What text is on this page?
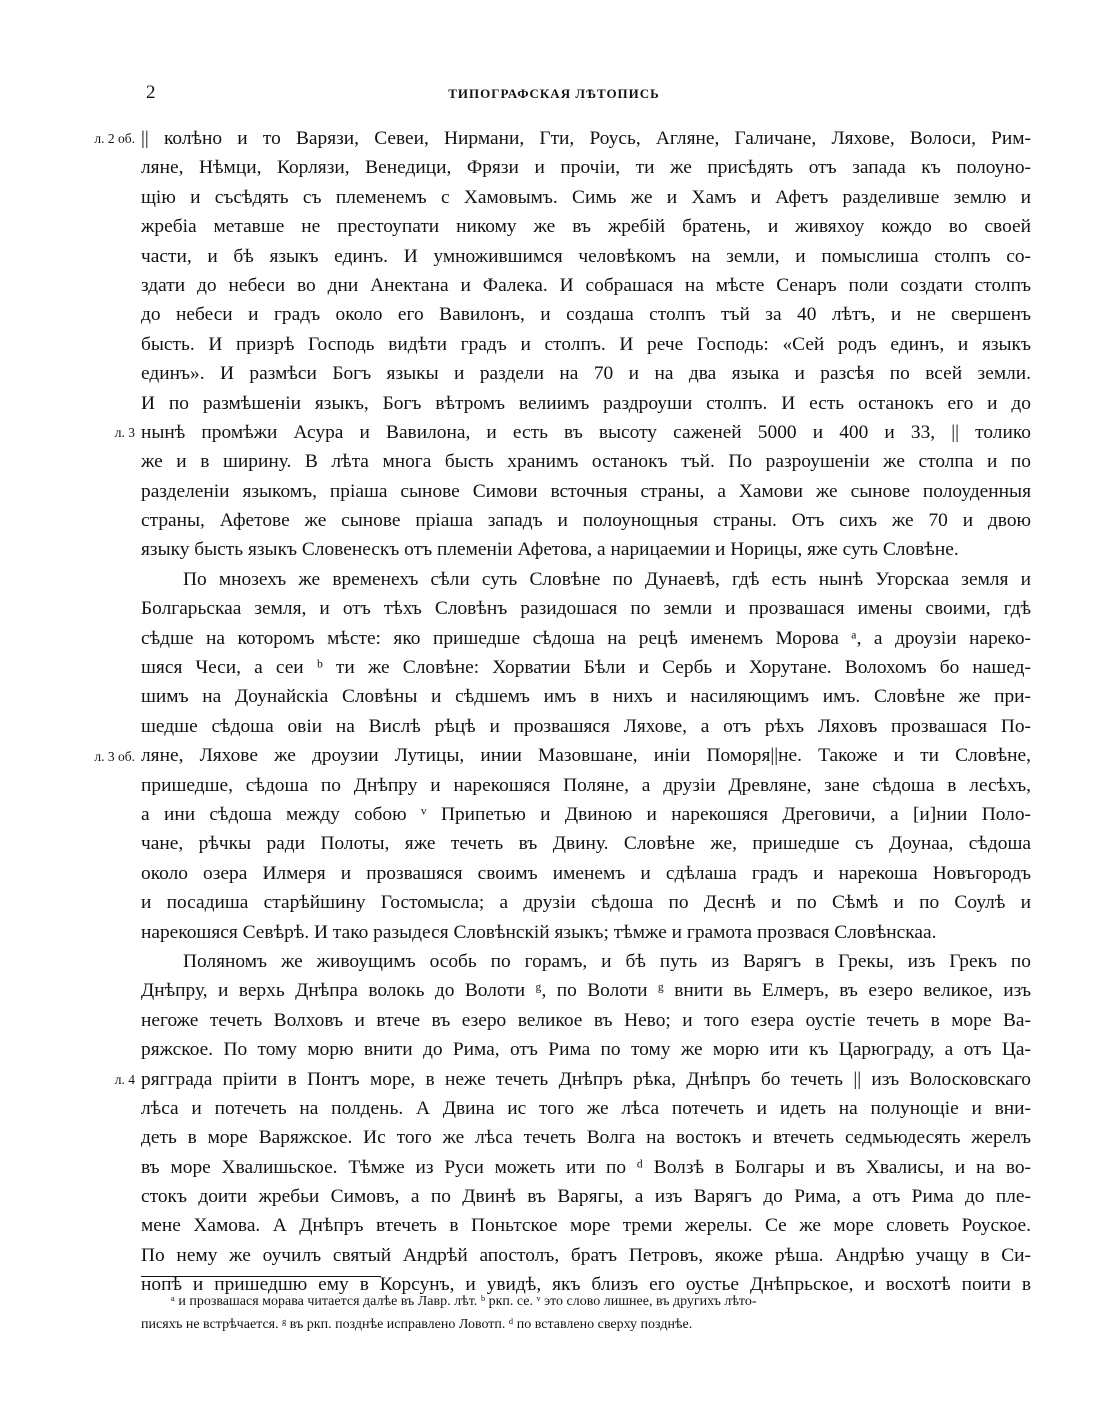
2	ТИПОГРАФСКАЯ ЛѢТОПИСЬ
л. 2 об.
л. 3
л. 3 об.
л. 4
|| колѣно и то Варязи, Севеи, Нирмани, Гти, Роусь, Агляне, Галичане, Ляхове, Волоси, Рим-
ляне, Нѣмци, Корлязи, Венедици, Фрязи и прочіи, ти же присѣдять отъ запада къ полоуно-
щію и съсѣдять съ племенемъ с Хамовымъ. Симь же и Хамъ и Афетъ разделивше землю и
жребіа метавше не престоупати никому же въ жребій братень, и живяхоу кождо во своей
части, и бѣ языкъ единъ. И умножившимся человѣкомъ на земли, и помыслиша столпъ со-
здати до небеси во дни Анектана и Фалека. И собрашася на мѣсте Сенаръ поли создати столпъ
до небеси и градъ около его Вавилонъ, и создаша столпъ тъй за 40 лѣтъ, и не свершенъ
бысть. И призрѣ Господь видѣти градъ и столпъ. И рече Господь: «Сей родъ единъ, и языкъ
единъ». И размѣси Богъ языкы и раздели на 70 и на два языка и разсѣя по всей земли.
И по размѣшеніи языкъ, Богъ вѣтромъ велиимъ раздроуши столпъ. И есть останокъ его и до
нынѣ промѣжи Асура и Вавилона, и есть въ высоту саженей 5000 и 400 и 33, || толико
же и в ширину. В лѣта многа бысть хранимъ останокъ тъй. По разроушеніи же столпа и по
разделеніи языкомъ, пріаша сынове Симови всточныя страны, а Хамови же сынове полоуденныя
страны, Афетове же сынове пріаша западъ и полоунощныя страны. Отъ сихъ же 70 и двою
языку бысть языкъ Словенескъ отъ племеніи Афетова, а нарицаемии и Норицы, яже суть Словѣне.
По мнозехъ же временехъ сѣли суть Словѣне по Дунаевѣ, гдѣ есть нынѣ Угорскаа земля и
Болгарьскаа земля, и отъ тѣхъ Словѣнъ разидошася по земли и прозвашася имены своими, гдѣ
сѣдше на которомъ мѣсте: яко пришедше сѣдоша на рецѣ именемъ Морова ᵃ, а дроузіи нареко-
шяся Чеси, а сеи ᵇ ти же Словѣне: Хорватии Бѣли и Сербь и Хорутане. Волохомъ бо нашед-
шимъ на Доунайскіа Словѣны и сѣдшемъ имъ в нихъ и насиляющимъ имъ. Словѣне же при-
шедше сѣдоша овіи на Вислѣ рѣцѣ и прозвашяся Ляхове, а отъ рѣхъ Ляховъ прозвашася По-
ляне, Ляхове же дроузии Лутицы, инии Мазовшане, иніи Поморя||не. Такоже и ти Словѣне,
пришедше, сѣдоша по Днѣпру и нарекошяся Поляне, а друзіи Древляне, зане сѣдоша в лесѣхъ,
а ини сѣдоша между собою ᵛ Припетью и Двиною и нарекошяся Дреговичи, а [и]нии Поло-
чане, рѣчкы ради Полоты, яже течеть въ Двину. Словѣне же, пришедше съ Доунаа, сѣдоша
около озера Илмеря и прозвашяся своимъ именемъ и сдѣлаша градъ и нарекоша Новъгородъ
и посадиша старѣйшину Гостомысла; а друзіи сѣдоша по Деснѣ и по Сѣмѣ и по Соулѣ и
нарекошяся Севѣрѣ. И тако разыдеся Словѣнскій языкъ; тѣмже и грамота прозвася Словѣнскаа.
Поляномъ же живоущимъ особь по горамъ, и бѣ путь из Варягъ в Грекы, изъ Грекъ по
Днѣпру, и верхь Днѣпра волокь до Волоти ᵍ, по Волоти ᵍ внити вь Елмеръ, въ езеро великое, изъ
негоже течеть Волховъ и втече въ езеро великое въ Нево; и того езера оустіе течеть в море Ва-
ряжское. По тому морю внити до Рима, отъ Рима по тому же морю ити къ Царюграду, а отъ Ца-
рягграда прiити в Понтъ море, в неже течеть Днѣпръ рѣка, Днѣпръ бо течеть || изъ Волосковскаго
лѣса и потечеть на полдень. А Двина ис того же лѣса потечеть и идеть на полунощіе и вни-
деть в море Варяжское. Ис того же лѣса течеть Волга на востокъ и втечеть седмьюдесять жерелъ
въ море Хвалишьское. Тѣмже из Руси можеть ити по ᵈ Волзѣ в Болгары и въ Хвалисы, и на во-
стокъ доити жребьи Симовъ, а по Двинѣ въ Варягы, а изъ Варягъ до Рима, а отъ Рима до пле-
мене Хамова. А Днѣпръ втечеть в Поньтское море треми жерелы. Се же море словеть Роуское.
По нему же оучилъ святый Андрѣй апостолъ, братъ Петровъ, якоже рѣша. Андрѣю учащу в Си-
нопѣ и пришедшю ему в Корсунъ, и увидѣ, якъ близъ его оустье Днѣпрьское, и восхотѣ поити в
ᵃ и прозвашася морава читается далѣе въ Лавр. лѣт. ᵇ ркп. се. ᵛ это слово лишнее, въ другихъ лѣто-
писяхъ не встрѣчается. ᵍ въ ркп. позднѣе исправлено Ловотп. ᵈ по вставлено сверху позднѣе.
